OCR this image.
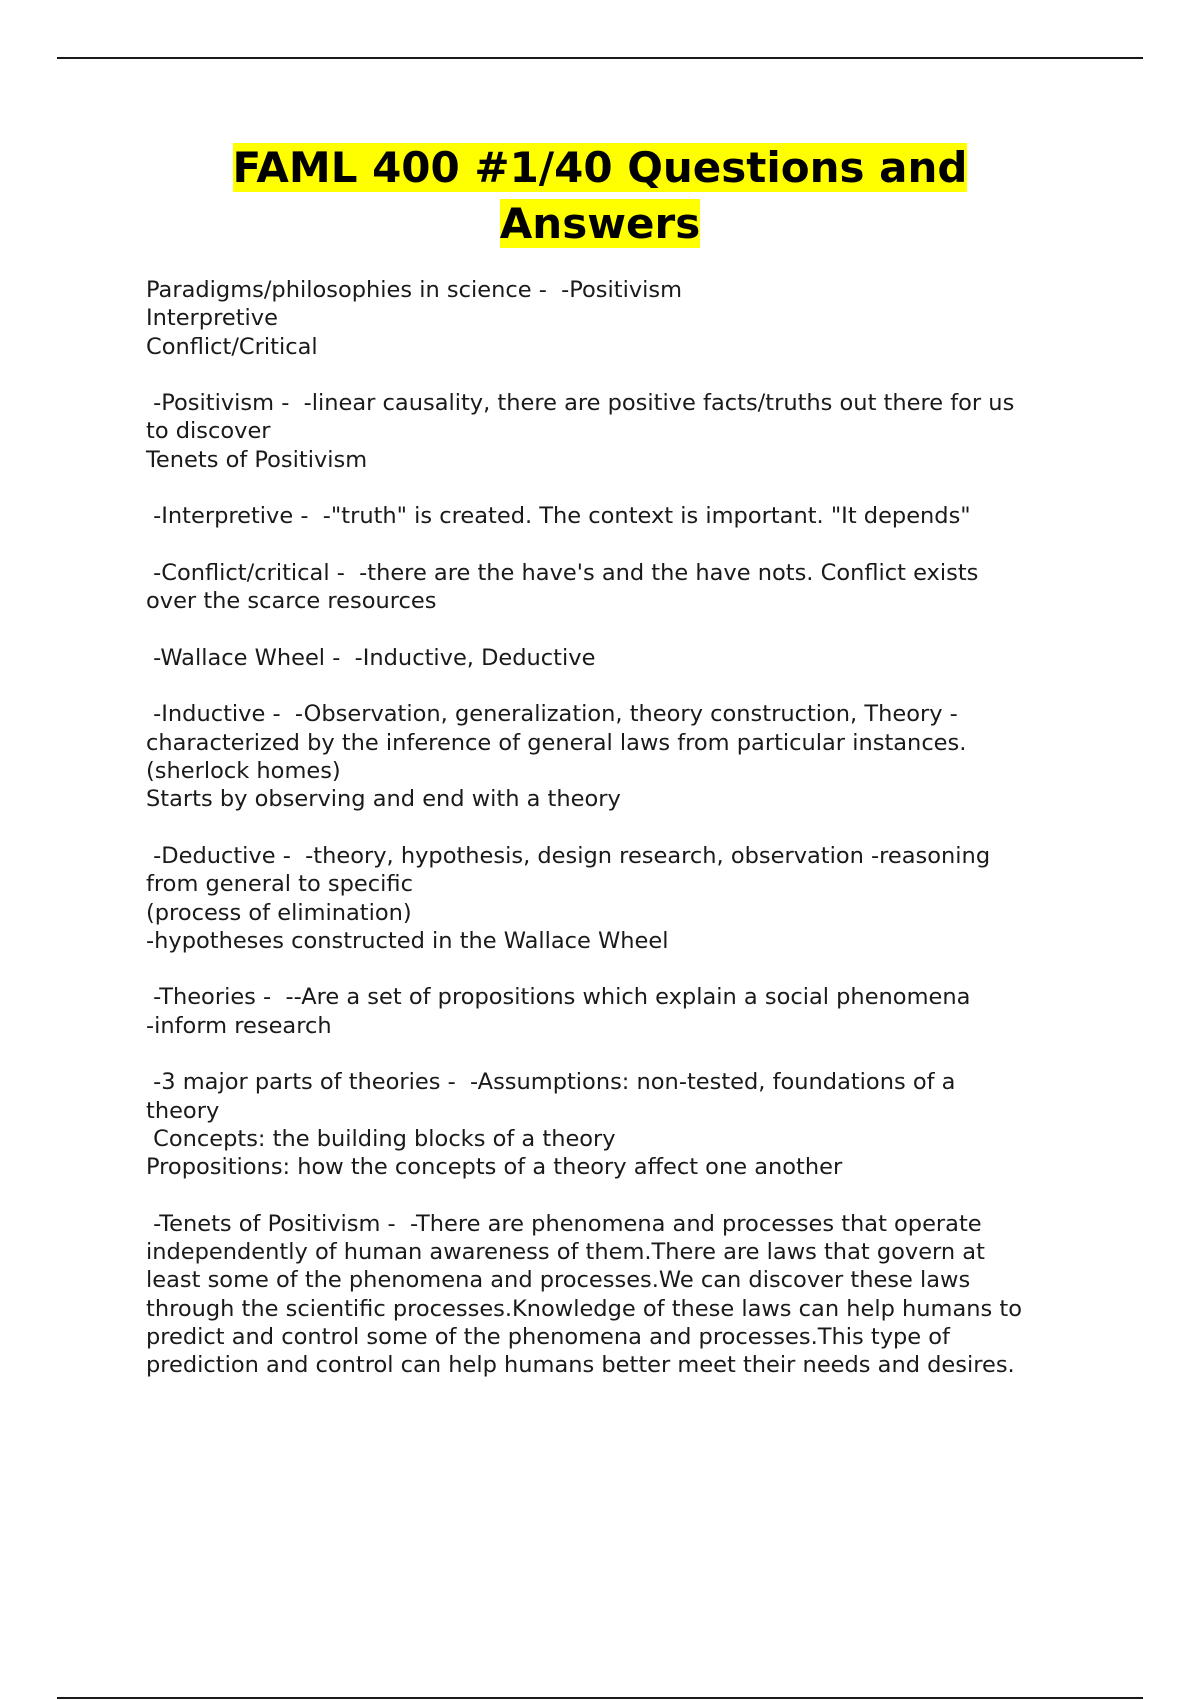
FAML 400 #1/40 Questions and
Answers
Paradigms/philosophies in science -  -Positivism
Interpretive
Conflict/Critical
-Positivism -  -linear causality, there are positive facts/truths out there for us
to discover
Tenets of Positivism
-Interpretive -  -"truth" is created. The context is important. "It depends"
-Conflict/critical -  -there are the have's and the have nots. Conflict exists
over the scarce resources
-Wallace Wheel -  -Inductive, Deductive
-Inductive -  -Observation, generalization, theory construction, Theory -
characterized by the inference of general laws from particular instances.
(sherlock homes)
Starts by observing and end with a theory
-Deductive -  -theory, hypothesis, design research, observation -reasoning
from general to specific
(process of elimination)
-hypotheses constructed in the Wallace Wheel
-Theories -  --Are a set of propositions which explain a social phenomena
-inform research
-3 major parts of theories -  -Assumptions: non-tested, foundations of a
theory
Concepts: the building blocks of a theory
Propositions: how the concepts of a theory affect one another
-Tenets of Positivism -  -There are phenomena and processes that operate
independently of human awareness of them.There are laws that govern at
least some of the phenomena and processes.We can discover these laws
through the scientific processes.Knowledge of these laws can help humans to
predict and control some of the phenomena and processes.This type of
prediction and control can help humans better meet their needs and desires.
